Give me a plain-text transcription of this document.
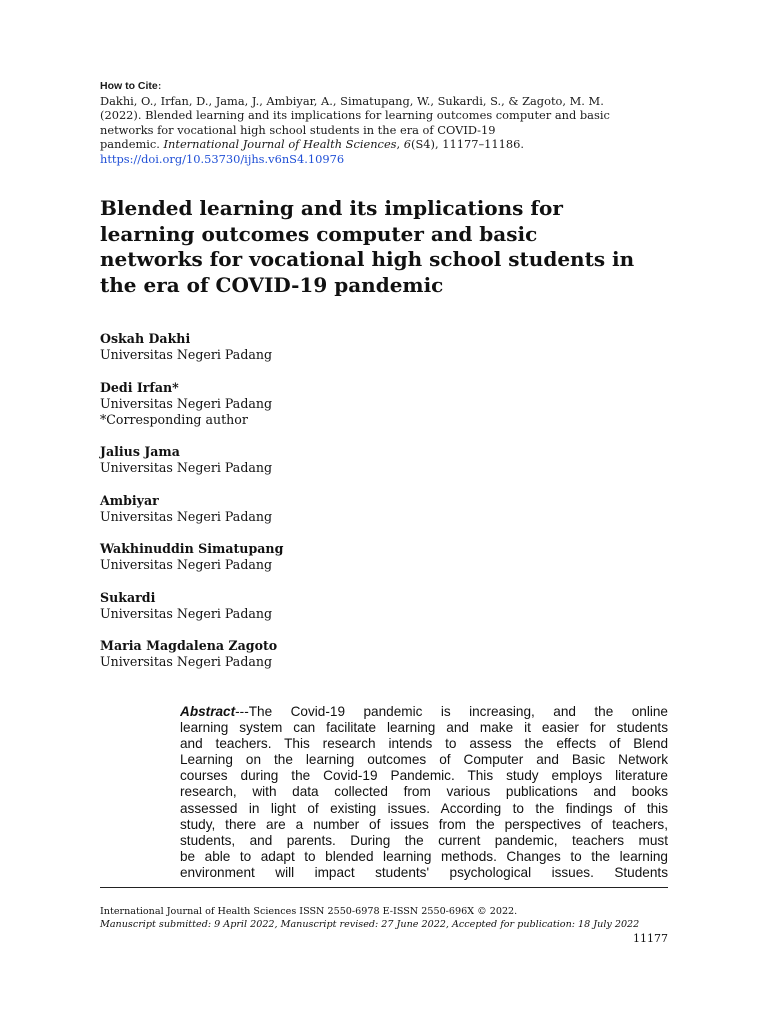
How to Cite:
Dakhi, O., Irfan, D., Jama, J., Ambiyar, A., Simatupang, W., Sukardi, S., & Zagoto, M. M.
(2022). Blended learning and its implications for learning outcomes computer and basic
networks for vocational high school students in the era of COVID-19
pandemic. International Journal of Health Sciences, 6(S4), 11177–11186.
https://doi.org/10.53730/ijhs.v6nS4.10976
Blended learning and its implications for
learning outcomes computer and basic
networks for vocational high school students in
the era of COVID-19 pandemic
Oskah Dakhi
Universitas Negeri Padang
Dedi Irfan*
Universitas Negeri Padang
*Corresponding author
Jalius Jama
Universitas Negeri Padang
Ambiyar
Universitas Negeri Padang
Wakhinuddin Simatupang
Universitas Negeri Padang
Sukardi
Universitas Negeri Padang
Maria Magdalena Zagoto
Universitas Negeri Padang
Abstract---The Covid-19 pandemic is increasing, and the online
learning system can facilitate learning and make it easier for students
and teachers. This research intends to assess the effects of Blend
Learning on the learning outcomes of Computer and Basic Network
courses during the Covid-19 Pandemic. This study employs literature
research, with data collected from various publications and books
assessed in light of existing issues. According to the findings of this
study, there are a number of issues from the perspectives of teachers,
students, and parents. During the current pandemic, teachers must
be able to adapt to blended learning methods. Changes to the learning
environment will impact students' psychological issues. Students
International Journal of Health Sciences ISSN 2550-6978 E-ISSN 2550-696X © 2022.
Manuscript submitted: 9 April 2022, Manuscript revised: 27 June 2022, Accepted for publication: 18 July 2022
11177
